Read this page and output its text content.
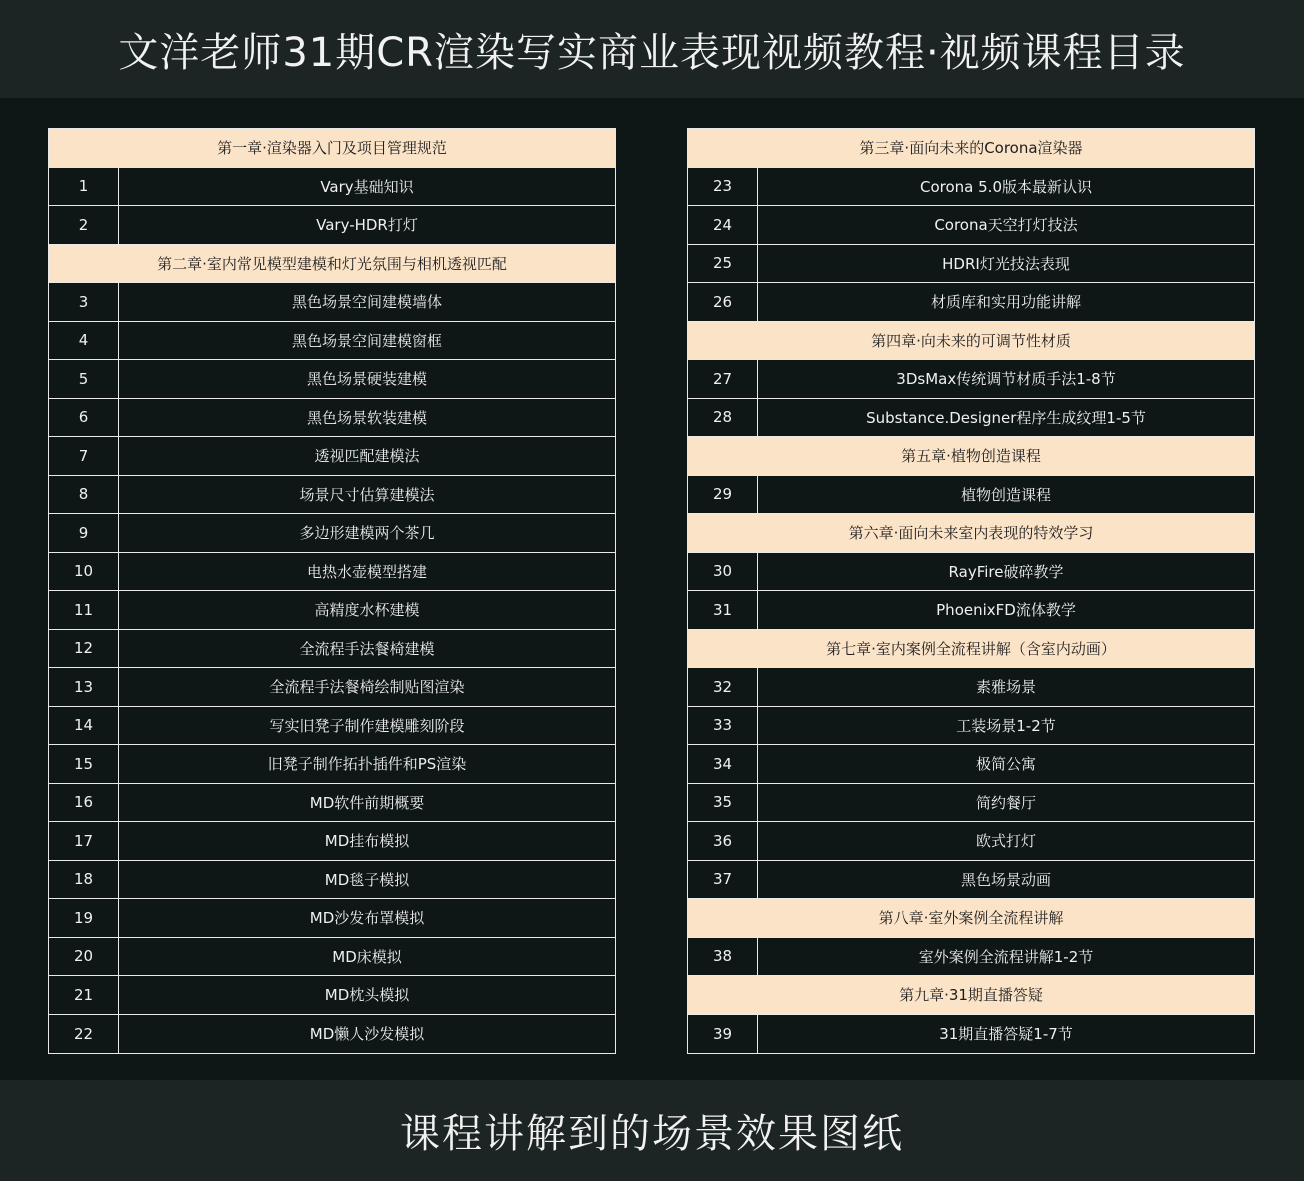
文洋老师31期CR渲染写实商业表现视频教程·视频课程目录
第一章·渲染器入门及项目管理规范
1	Vary基础知识
2	Vary-HDR打灯
第二章·室内常见模型建模和灯光氛围与相机透视匹配
3	黑色场景空间建模墙体
4	黑色场景空间建模窗框
5	黑色场景硬装建模
6	黑色场景软装建模
7	透视匹配建模法
8	场景尺寸估算建模法
9	多边形建模两个茶几
10	电热水壶模型搭建
11	高精度水杯建模
12	全流程手法餐椅建模
13	全流程手法餐椅绘制贴图渲染
14	写实旧凳子制作建模雕刻阶段
15	旧凳子制作拓扑插件和PS渲染
16	MD软件前期概要
17	MD挂布模拟
18	MD毯子模拟
19	MD沙发布罩模拟
20	MD床模拟
21	MD枕头模拟
22	MD懒人沙发模拟
第三章·面向未来的Corona渲染器
23	Corona 5.0版本最新认识
24	Corona天空打灯技法
25	HDRI灯光技法表现
26	材质库和实用功能讲解
第四章·向未来的可调节性材质
27	3DsMax传统调节材质手法1-8节
28	Substance.Designer程序生成纹理1-5节
第五章·植物创造课程
29	植物创造课程
第六章·面向未来室内表现的特效学习
30	RayFire破碎教学
31	PhoenixFD流体教学
第七章·室内案例全流程讲解（含室内动画）
32	素雅场景
33	工装场景1-2节
34	极简公寓
35	简约餐厅
36	欧式打灯
37	黑色场景动画
第八章·室外案例全流程讲解
38	室外案例全流程讲解1-2节
第九章·31期直播答疑
39	31期直播答疑1-7节
课程讲解到的场景效果图纸
